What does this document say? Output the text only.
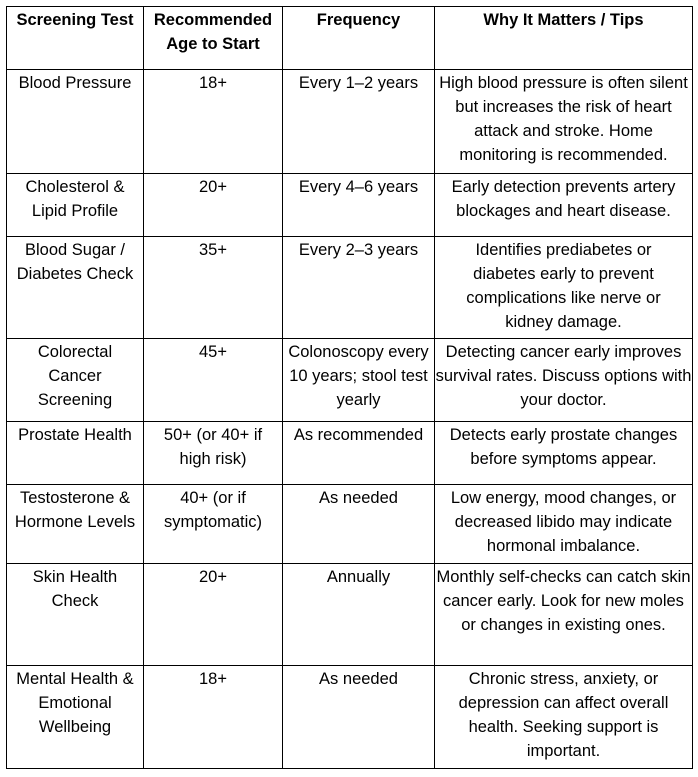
Screening Test	Recommended Age to Start	Frequency	Why It Matters / Tips
Blood Pressure	18+	Every 1–2 years	High blood pressure is often silent but increases the risk of heart attack and stroke. Home monitoring is recommended.
Cholesterol & Lipid Profile	20+	Every 4–6 years	Early detection prevents artery blockages and heart disease.
Blood Sugar / Diabetes Check	35+	Every 2–3 years	Identifies prediabetes or diabetes early to prevent complications like nerve or kidney damage.
Colorectal Cancer Screening	45+	Colonoscopy every 10 years; stool test yearly	Detecting cancer early improves survival rates. Discuss options with your doctor.
Prostate Health	50+ (or 40+ if high risk)	As recommended	Detects early prostate changes before symptoms appear.
Testosterone & Hormone Levels	40+ (or if symptomatic)	As needed	Low energy, mood changes, or decreased libido may indicate hormonal imbalance.
Skin Health Check	20+	Annually	Monthly self-checks can catch skin cancer early. Look for new moles or changes in existing ones.
Mental Health & Emotional Wellbeing	18+	As needed	Chronic stress, anxiety, or depression can affect overall health. Seeking support is important.
